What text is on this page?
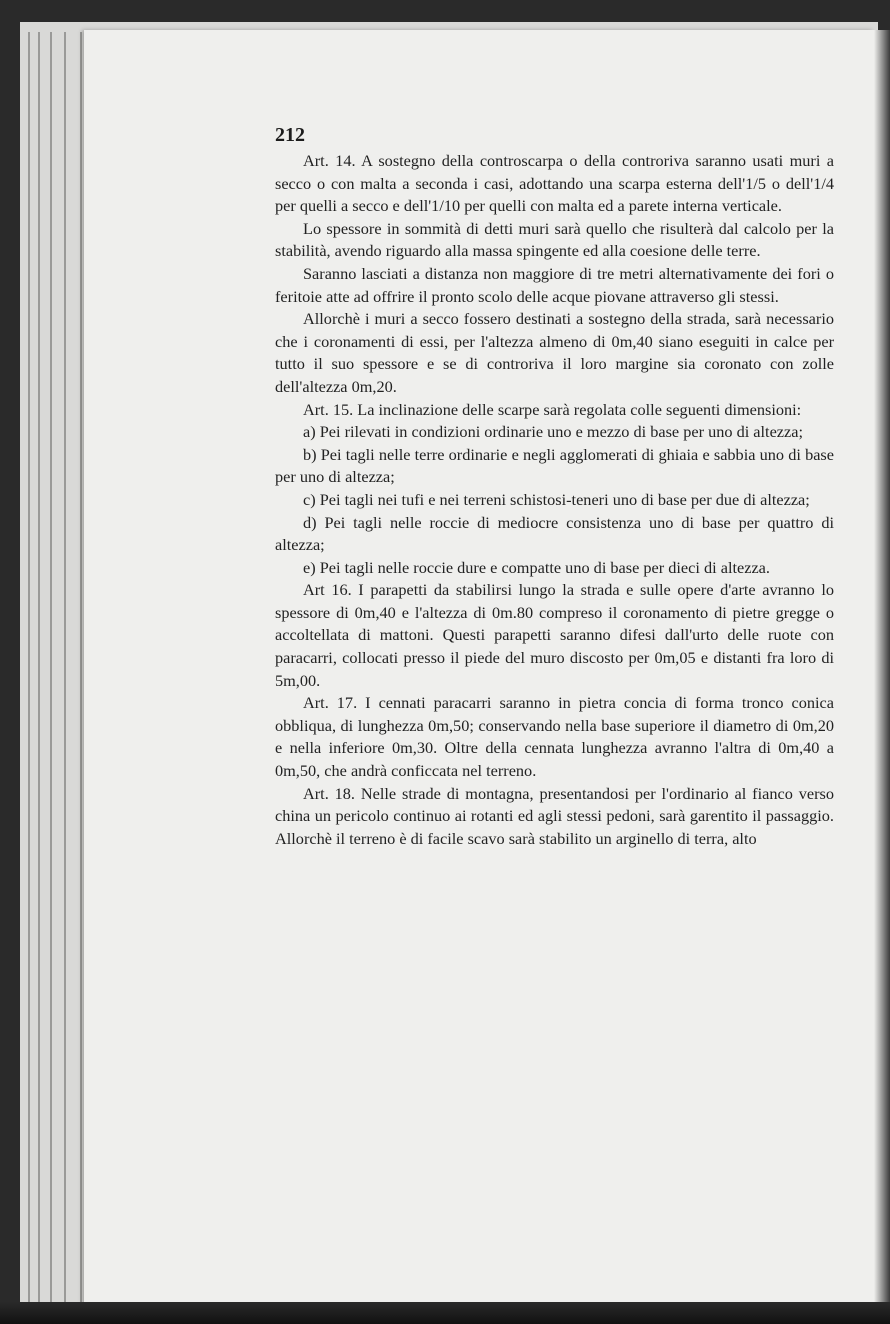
212

Art. 14. A sostegno della controscarpa o della controriva saranno usati muri a secco o con malta a seconda i casi, adottando una scarpa esterna dell'1/5 o dell'1/4 per quelli a secco e dell'1/10 per quelli con malta ed a parete interna verticale.

Lo spessore in sommità di detti muri sarà quello che risulterà dal calcolo per la stabilità, avendo riguardo alla massa spingente ed alla coesione delle terre.

Saranno lasciati a distanza non maggiore di tre metri alternativamente dei fori o feritoie atte ad offrire il pronto scolo delle acque piovane attraverso gli stessi.

Allorchè i muri a secco fossero destinati a sostegno della strada, sarà necessario che i coronamenti di essi, per l'altezza almeno di 0m,40 siano eseguiti in calce per tutto il suo spessore e se di controriva il loro margine sia coronato con zolle dell'altezza 0m,20.

Art. 15. La inclinazione delle scarpe sarà regolata colle seguenti dimensioni:

a) Pei rilevati in condizioni ordinarie uno e mezzo di base per uno di altezza;

b) Pei tagli nelle terre ordinarie e negli agglomerati di ghiaia e sabbia uno di base per uno di altezza;

c) Pei tagli nei tufi e nei terreni schistosi-teneri uno di base per due di altezza;

d) Pei tagli nelle roccie di mediocre consistenza uno di base per quattro di altezza;

e) Pei tagli nelle roccie dure e compatte uno di base per dieci di altezza.

Art 16. I parapetti da stabilirsi lungo la strada e sulle opere d'arte avranno lo spessore di 0m,40 e l'altezza di 0m.80 compreso il coronamento di pietre gregge o accoltellata di mattoni. Questi parapetti saranno difesi dall'urto delle ruote con paracarri, collocati presso il piede del muro discosto per 0m,05 e distanti fra loro di 5m,00.

Art. 17. I cennati paracarri saranno in pietra concia di forma tronco conica obbliqua, di lunghezza 0m,50; conservando nella base superiore il diametro di 0m,20 e nella inferiore 0m,30. Oltre della cennata lunghezza avranno l'altra di 0m,40 a 0m,50, che andrà conficcata nel terreno.

Art. 18. Nelle strade di montagna, presentandosi per l'ordinario al fianco verso china un pericolo continuo ai rotanti ed agli stessi pedoni, sarà garentito il passaggio. Allorchè il terreno è di facile scavo sarà stabilito un arginello di terra, alto
